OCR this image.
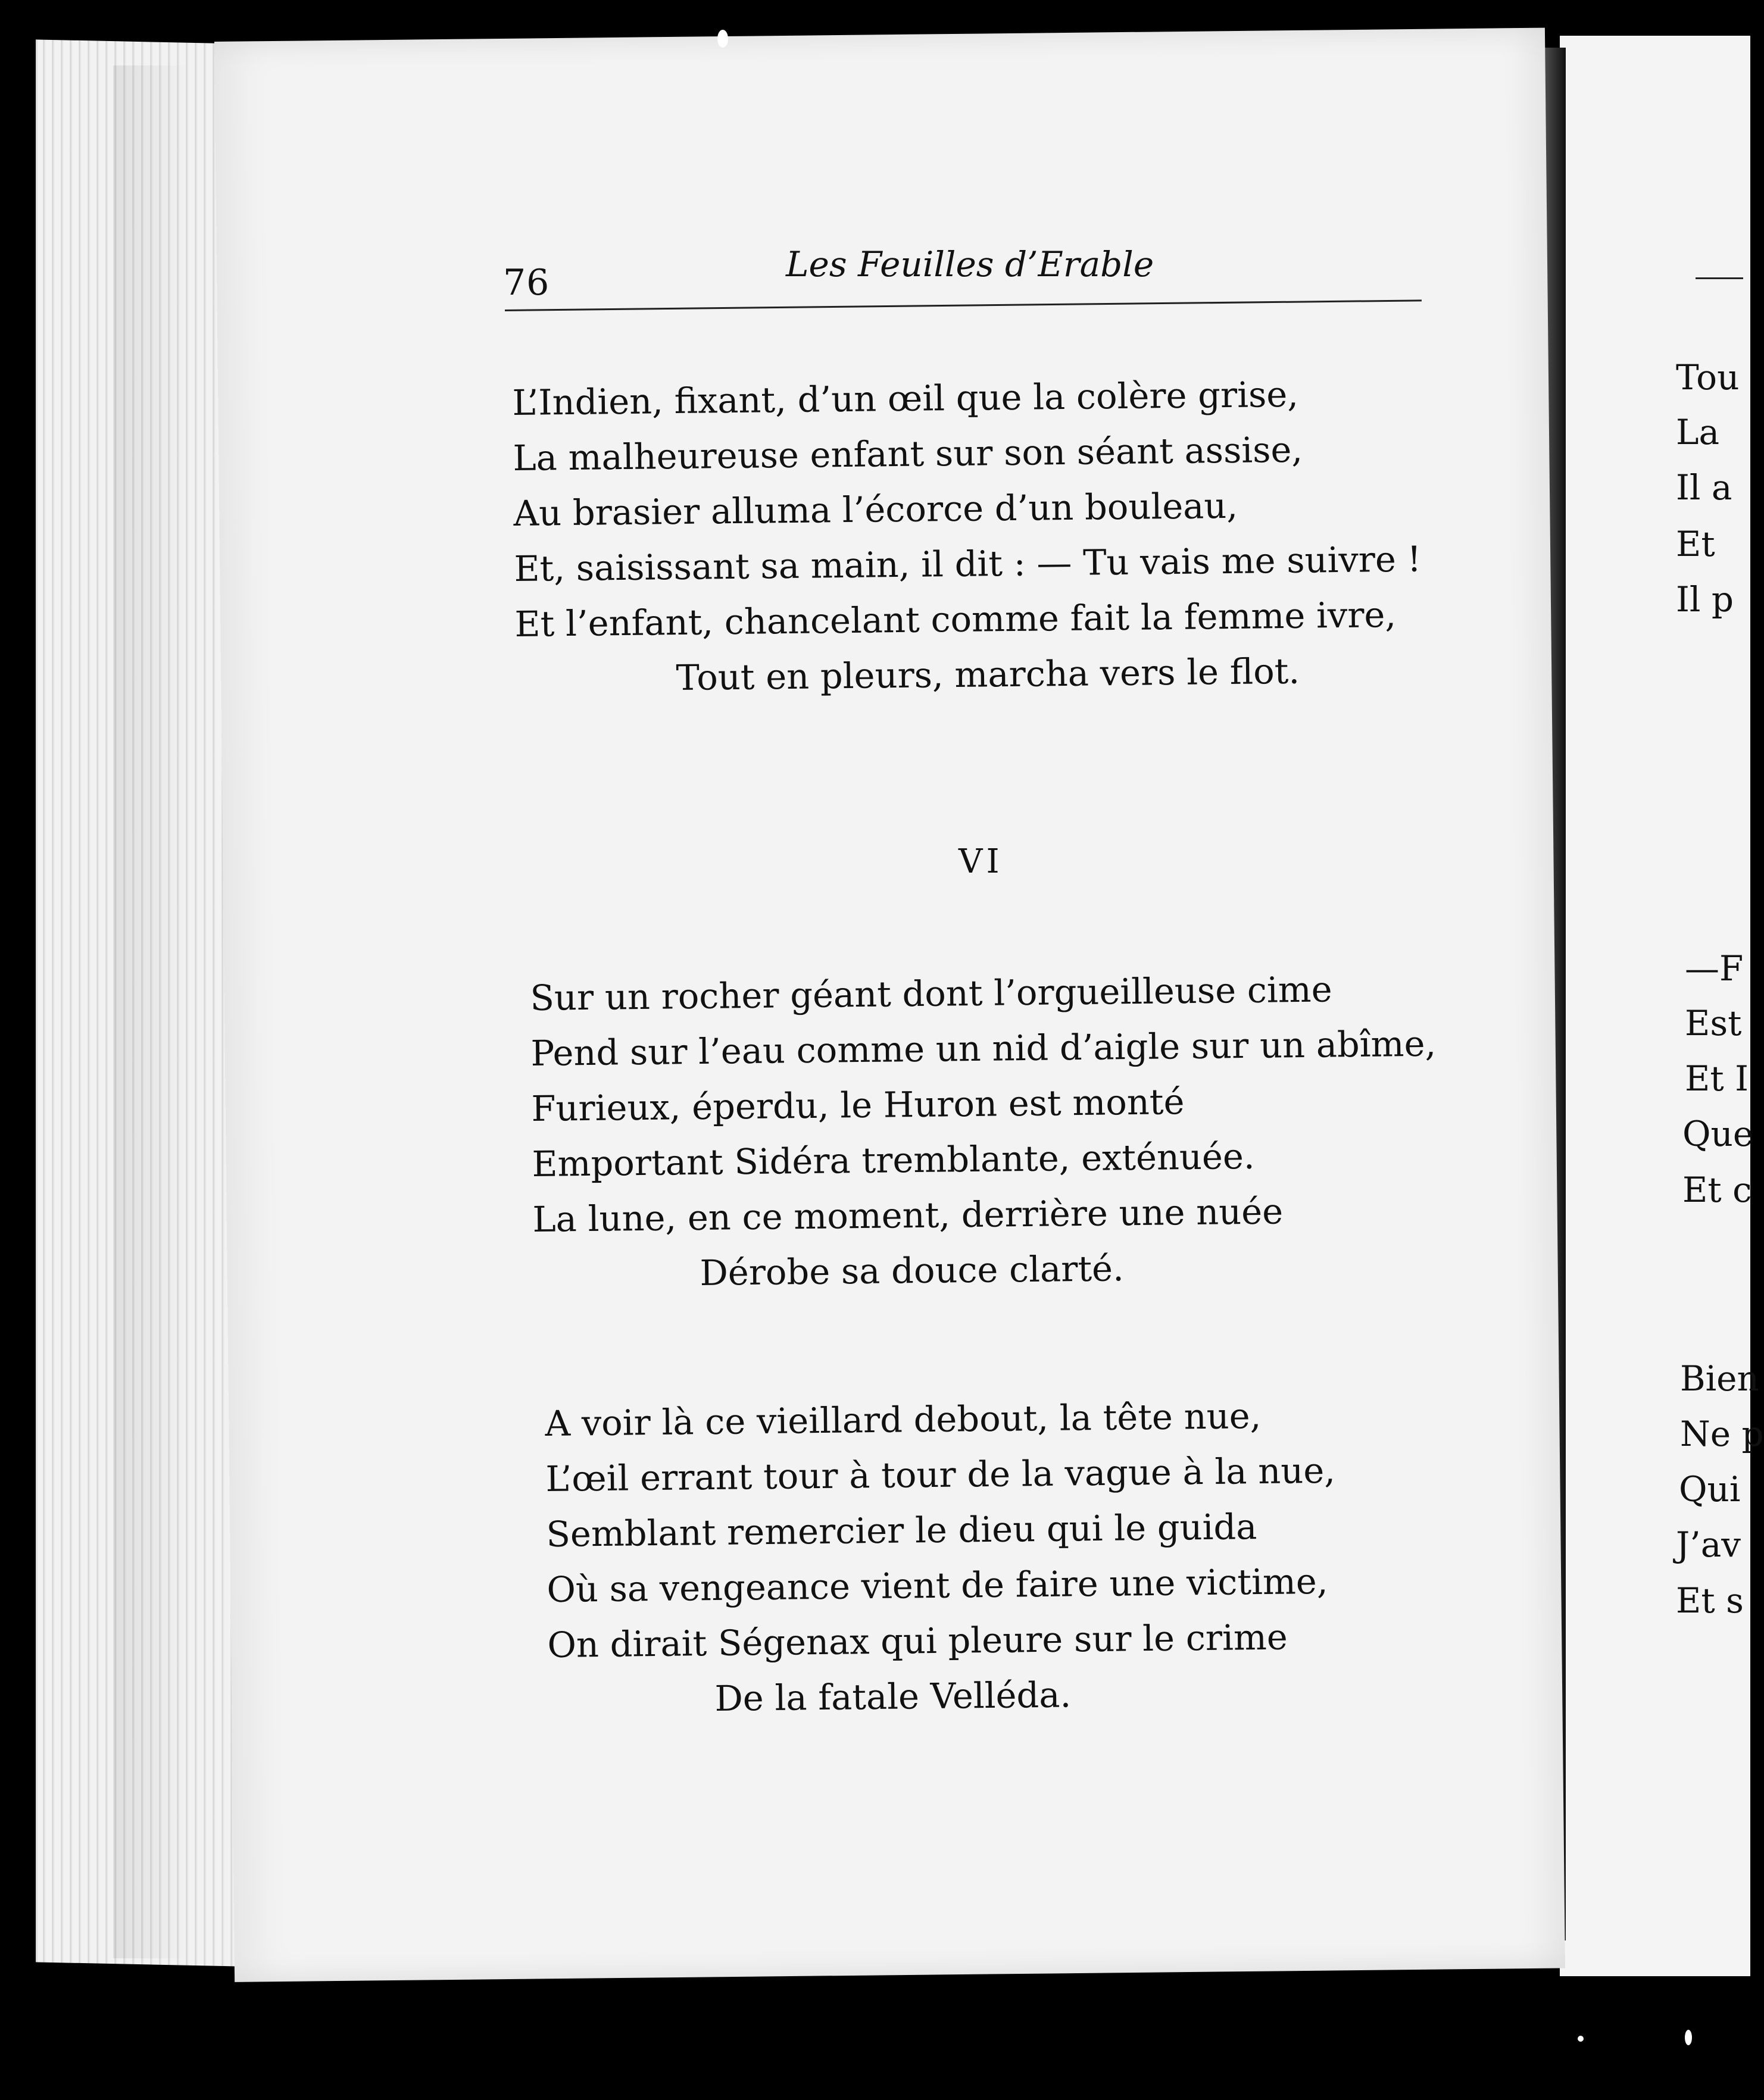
76	Les Feuilles d’Erable
L’Indien, fixant, d’un œil que la colère grise,
La malheureuse enfant sur son séant assise,
Au brasier alluma l’écorce d’un bouleau,
Et, saisissant sa main, il dit : — Tu vais me suivre !
Et l’enfant, chancelant comme fait la femme ivre,
Tout en pleurs, marcha vers le flot.
VI
Sur un rocher géant dont l’orgueilleuse cime
Pend sur l’eau comme un nid d’aigle sur un abîme,
Furieux, éperdu, le Huron est monté
Emportant Sidéra tremblante, exténuée.
La lune, en ce moment, derrière une nuée
Dérobe sa douce clarté.
A voir là ce vieillard debout, la tête nue,
L’œil errant tour à tour de la vague à la nue,
Semblant remercier le dieu qui le guida
Où sa vengeance vient de faire une victime,
On dirait Ségenax qui pleure sur le crime
De la fatale Velléda.
Tou
La
Il a
Et
Il p
—F
Est
Et I
Que
Et c
Bien
Ne p
Qui
J’av
Et s
